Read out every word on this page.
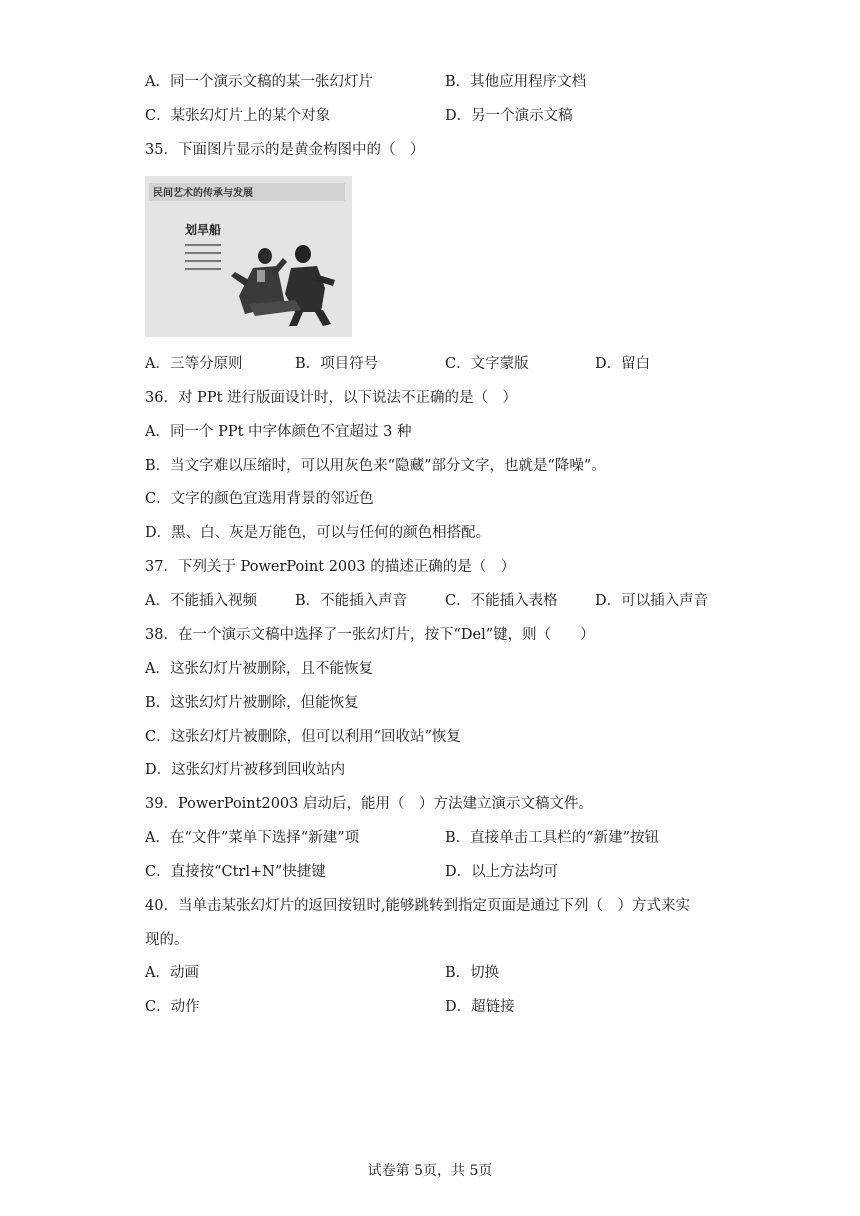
A．同一个演示文稿的某一张幻灯片	B．其他应用程序文档
C．某张幻灯片上的某个对象	D．另一个演示文稿
35．下面图片显示的是黄金构图中的（　）
民间艺术的传承与发展
划旱船
A．三等分原则	B．项目符号	C．文字蒙版	D．留白
36．对 PPt 进行版面设计时，以下说法不正确的是（　）
A．同一个 PPt 中字体颜色不宜超过 3 种
B．当文字难以压缩时，可以用灰色来“隐藏”部分文字，也就是“降噪”。
C．文字的颜色宜选用背景的邻近色
D．黑、白、灰是万能色，可以与任何的颜色相搭配。
37．下列关于 PowerPoint 2003 的描述正确的是（　）
A．不能插入视频	B．不能插入声音	C．不能插入表格	D．可以插入声音
38．在一个演示文稿中选择了一张幻灯片，按下“Del”键，则（　　）
A．这张幻灯片被删除，且不能恢复
B．这张幻灯片被删除，但能恢复
C．这张幻灯片被删除，但可以利用“回收站”恢复
D．这张幻灯片被移到回收站内
39．PowerPoint2003 启动后，能用（　）方法建立演示文稿文件。
A．在“文件”菜单下选择“新建”项	B．直接单击工具栏的“新建”按钮
C．直接按“Ctrl+N”快捷键	D．以上方法均可
40．当单击某张幻灯片的返回按钮时,能够跳转到指定页面是通过下列（　）方式来实
现的。
A．动画	B．切换
C．动作	D．超链接
试卷第 5页，共 5页
